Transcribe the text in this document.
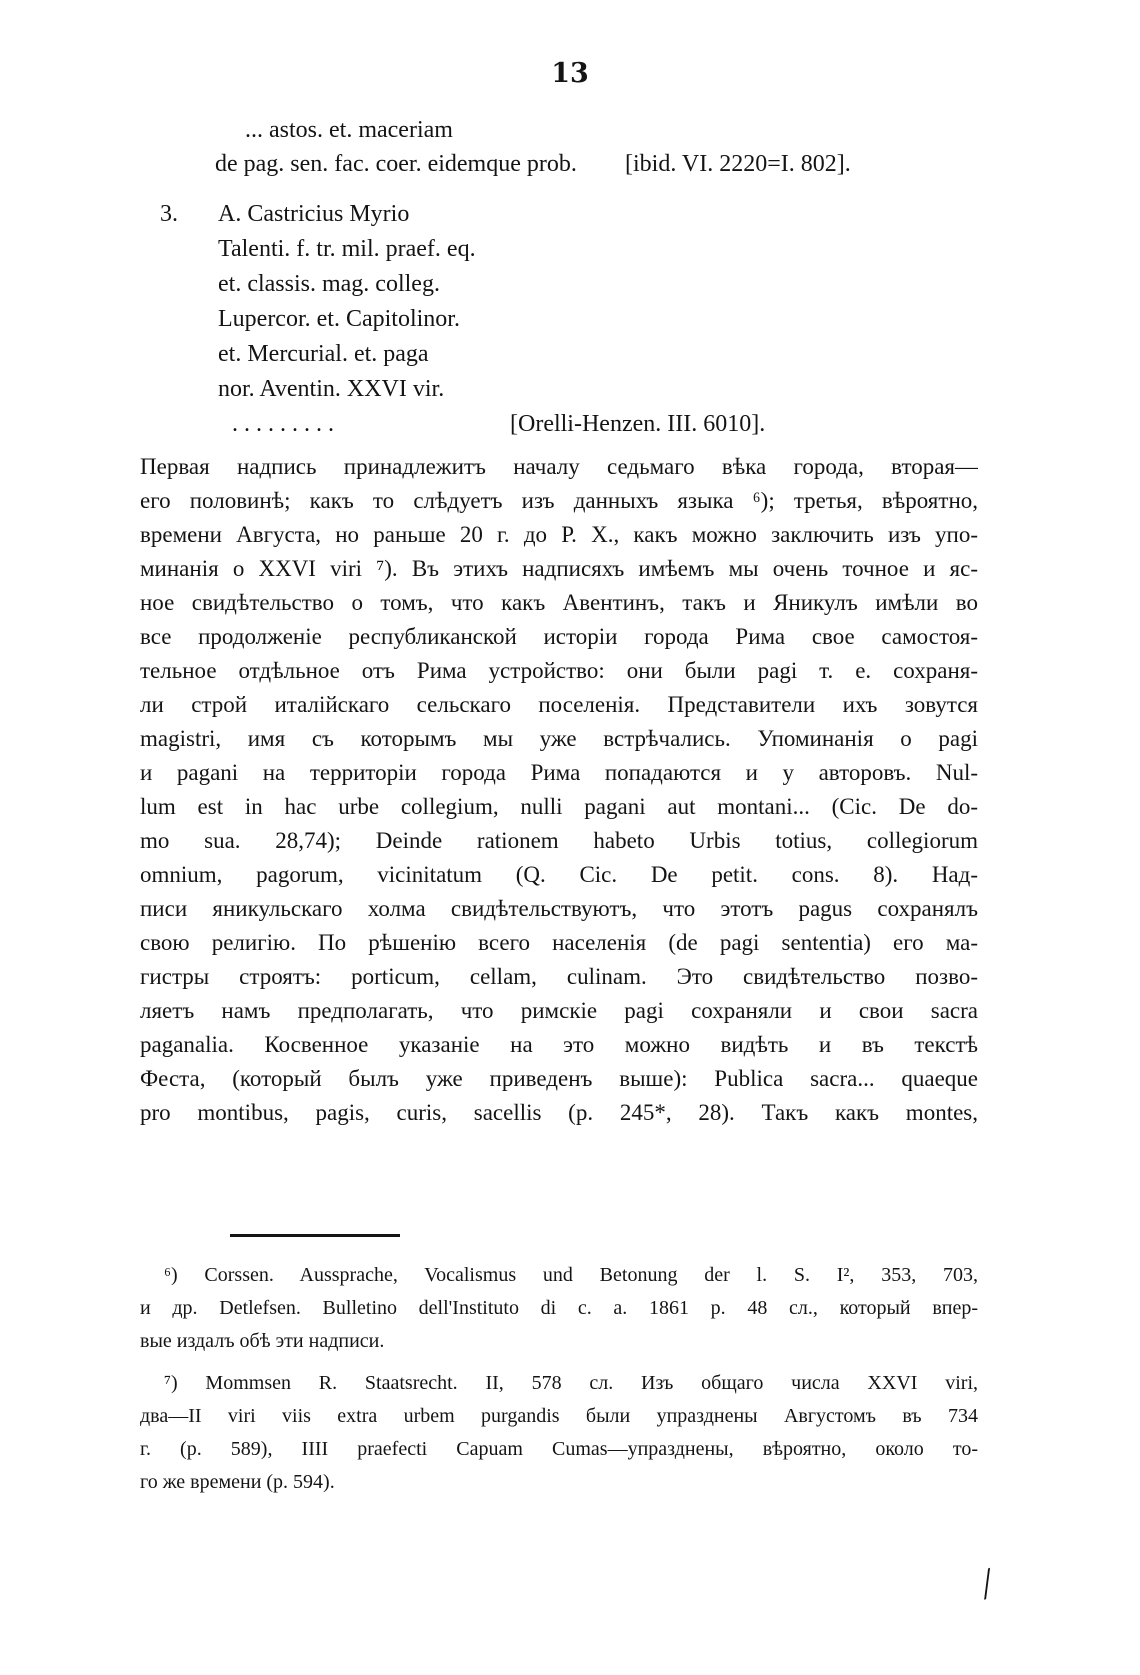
13
... astos. et. maceriam
de pag. sen. fac. coer. eidemque prob. [ibid. VI. 2220=I. 802].
3. A. Castricius Myrio
Talenti. f. tr. mil. praef. eq.
et. classis. mag. colleg.
Lupercor. et. Capitolinor.
et. Mercurial. et. paga
nor. Aventin. XXVI vir.
. . . . . . . . .	[Orelli-Henzen. III. 6010].
Первая надпись принадлежитъ началу седьмаго вѣка города, вторая—
его половинѣ; какъ то слѣдуетъ изъ данныхъ языка ⁶); третья, вѣроятно,
времени Августа, но раньше 20 г. до Р. Х., какъ можно заключить изъ упо-
минанія о XXVI viri ⁷). Въ этихъ надписяхъ имѣемъ мы очень точное и яс-
ное свидѣтельство о томъ, что какъ Авентинъ, такъ и Яникулъ имѣли во
все продолженіе республиканской исторіи города Рима свое самостоя-
тельное отдѣльное отъ Рима устройство: они были pagi т. е. сохраня-
ли строй италійскаго сельскаго поселенія. Представители ихъ зовутся
magistri, имя съ которымъ мы уже встрѣчались. Упоминанія о pagi
и pagani на территоріи города Рима попадаются и у авторовъ. Nul-
lum est in hac urbe collegium, nulli pagani aut montani... (Cic. De do-
mo sua. 28,74); Deinde rationem habeto Urbis totius, collegiorum
omnium, pagorum, vicinitatum (Q. Cic. De petit. cons. 8). Над-
писи яникульскаго холма свидѣтельствуютъ, что этотъ pagus сохранялъ
свою религію. По рѣшенію всего населенія (de pagi sententia) его ма-
гистры строятъ: porticum, cellam, culinam. Это свидѣтельство позво-
ляетъ намъ предполагать, что римскіе pagi сохраняли и свои sacra
paganalia. Косвенное указаніе на это можно видѣть и въ текстѣ
Феста, (который былъ уже приведенъ выше): Publica sacra... quaeque
pro montibus, pagis, curis, sacellis (p. 245*, 28). Такъ какъ montes,
⁶) Corssen. Aussprache, Vocalismus und Betonung der l. S. I², 353, 703,
и др. Detlefsen. Bulletino dell'Instituto di c. a. 1861 p. 48 сл., который впер-
вые издалъ обѣ эти надписи.
⁷) Mommsen R. Staatsrecht. II, 578 сл. Изъ общаго числа XXVI viri,
два—II viri viis extra urbem purgandis были упразднены Августомъ въ 734
г. (p. 589), IIII praefecti Capuam Cumas—упразднены, вѣроятно, около то-
го же времени (p. 594).
╱
